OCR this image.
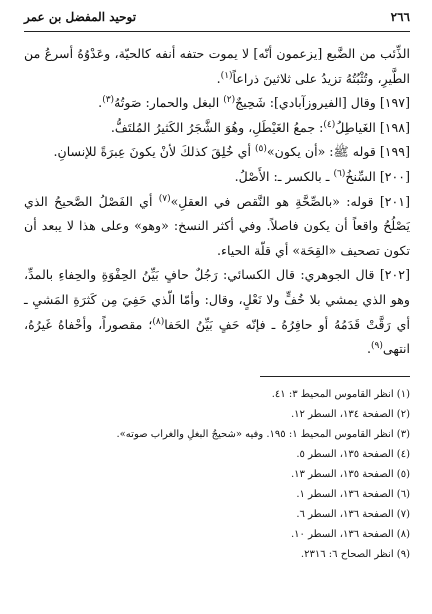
٢٦٦
توحيد المفضل بن عمر

الذِّئب من الضَّبع [يزعمون أنّه] لا يموت حتفه أنفه كالحيّة، وعَدْوُهُ أسرعُ من الطَّيرِ، وتُثْبُتُهُ تزيدُ على ثلاثينَ ذراعاً$^{(١)}$.

[١٩٧] وقال [الفيروزآبادي]: شَحِيجٌ$^{(٢)}$ البغل والحمار: صَوتُهُ$^{(٣)}$.

[١٩٨] الغَياطِلُ$^{(٤)}$: جمعُ الغَيْطَلِ، وهُوَ الشَّجَرُ الكَثيرُ المُلتَفُّ.

[١٩٩] قوله ﷺ: «أن يكون»$^{(٥)}$ أي خُلِقَ كذلكَ لأنْ يكونَ عِبرَةً للإنسانِ.

[٢٠٠] السِّنخُ$^{(٦)}$ ـ بالكسر ـ: الأَصْلُ.

[٢٠١] قوله: «بالصِّحَّةِ هو النَّقص في العقلِ»$^{(٧)}$ أي الفَصْلُ الصَّحيحُ الذي يَصْلُحُ واقعاً أن يكون فاصلاً. وفي أكثر النسخ: «وهو» وعلى هذا لا يبعد أن تكون تصحيف «القِحَة» أي قلّة الحياء.

[٢٠٢] قال الجوهري: قال الكسائي: رَجُلٌ حافٍ بَيِّنُ الحِفْوَةِ والحِفاءِ بالمدِّ، وهو الذي يمشي بلا خُفٍّ ولا نَعْلٍ، وقال: وأمّا الّذي حَفِيَ مِن كَثرَةِ المَشيِ ـ أي رَقَّتْ قَدَمُهُ أو حافِرُهُ ـ فإنّه حَفٍ بَيِّنُ الحَفا$^{(٨)}$؛ مقصوراً، وأحْفاهُ غَيرُهُ، انتهى$^{(٩)}$.

(١) انظر القاموس المحيط ٣: ٤١.
(٢) الصفحة ١٣٤، السطر ١٢.
(٣) انظر القاموس المحيط ١: ١٩٥. وفيه «شحيجُ البغلِ والغراب صوته».
(٤) الصفحة ١٣٥، السطر ٥.
(٥) الصفحة ١٣٥، السطر ١٣.
(٦) الصفحة ١٣٦، السطر ١.
(٧) الصفحة ١٣٦، السطر ٦.
(٨) الصفحة ١٣٦، السطر ١٠.
(٩) انظر الصحاح ٦: ٢٣١٦.
